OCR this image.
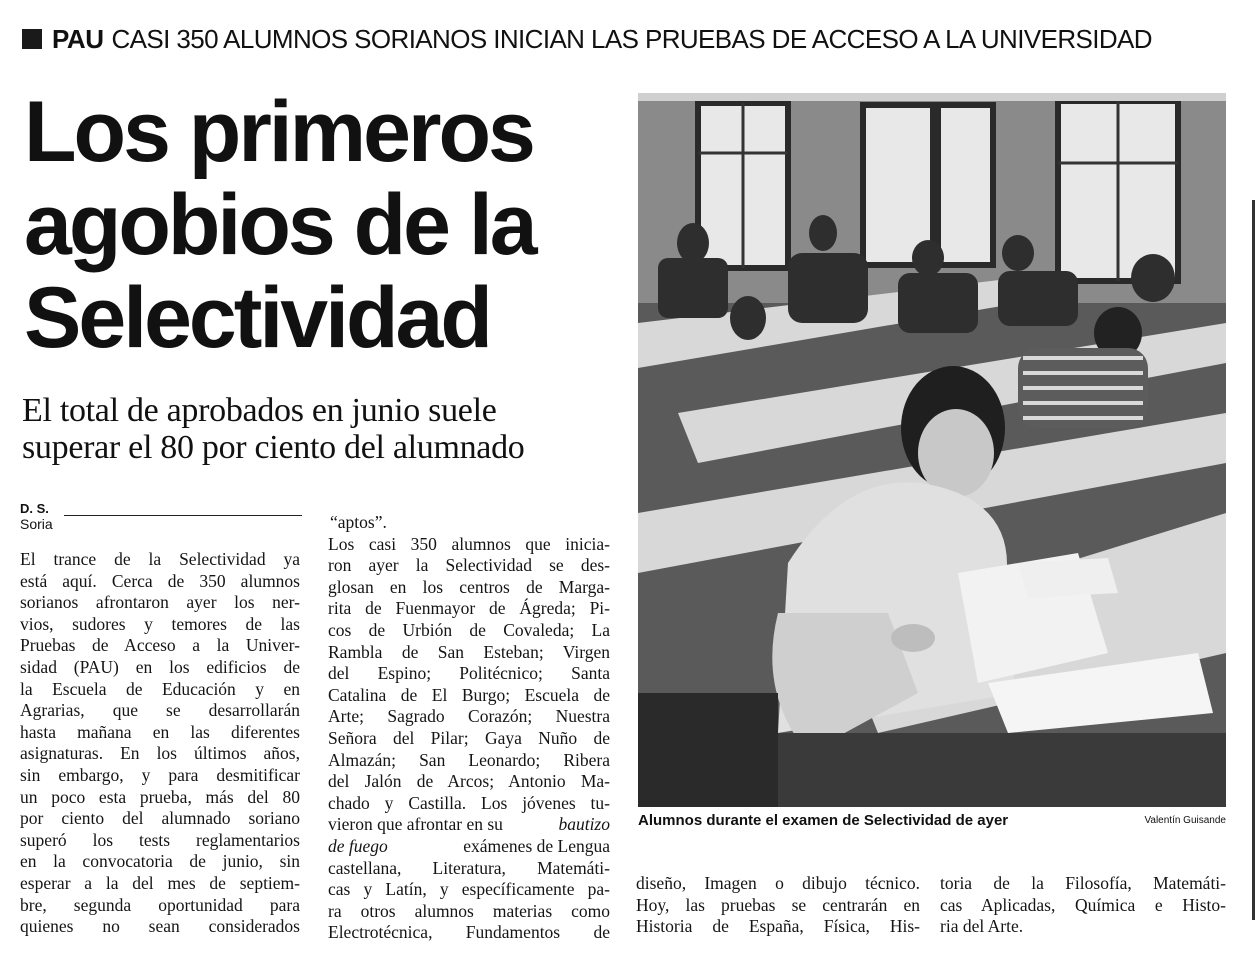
PAU CASI 350 ALUMNOS SORIANOS INICIAN LAS PRUEBAS DE ACCESO A LA UNIVERSIDAD
Los primeros
agobios de la
Selectividad
El total de aprobados en junio suele
superar el 80 por ciento del alumnado
D. S.
Soria
El trance de la Selectividad ya
está aquí. Cerca de 350 alumnos
sorianos afrontaron ayer los ner-
vios, sudores y temores de las
Pruebas de Acceso a la Univer-
sidad (PAU) en los edificios de
la Escuela de Educación y en
Agrarias, que se desarrollarán
hasta mañana en las diferentes
asignaturas. En los últimos años,
sin embargo, y para desmitificar
un poco esta prueba, más del 80
por ciento del alumnado soriano
superó los tests reglamentarios
en la convocatoria de junio, sin
esperar a la del mes de septiem-
bre, segunda oportunidad para
quienes no sean considerados
“aptos”.
Los casi 350 alumnos que inicia-
ron ayer la Selectividad se des-
glosan en los centros de Marga-
rita de Fuenmayor de Ágreda; Pi-
cos de Urbión de Covaleda; La
Rambla de San Esteban; Virgen
del Espino; Politécnico; Santa
Catalina de El Burgo; Escuela de
Arte; Sagrado Corazón; Nuestra
Señora del Pilar; Gaya Nuño de
Almazán; San Leonardo; Ribera
del Jalón de Arcos; Antonio Ma-
chado y Castilla. Los jóvenes tu-
vieron que afrontar en su	bautizo
de fuego	exámenes de Lengua
castellana, Literatura, Matemáti-
cas y Latín, y específicamente pa-
ra otros alumnos materias como
Electrotécnica, Fundamentos de
Alumnos durante el examen de Selectividad de ayer	Valentín Guisande
diseño, Imagen o dibujo técnico.
Hoy, las pruebas se centrarán en
Historia de España, Física, His-
toria de la Filosofía, Matemáti-
cas Aplicadas, Química e Histo-
ria del Arte.
